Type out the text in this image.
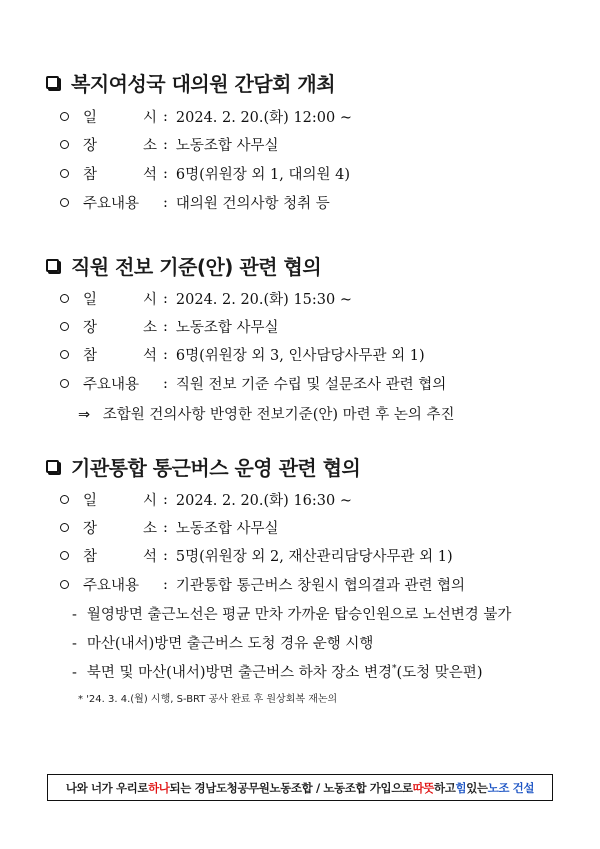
복지여성국 대의원 간담회 개최
일	시 : 2024. 2. 20.(화) 12:00 ~
장	소 : 노동조합 사무실
참	석 : 6명(위원장 외 1, 대의원 4)
주요내용	: 대의원 건의사항 청취 등
직원 전보 기준(안) 관련 협의
일	시 : 2024. 2. 20.(화) 15:30 ~
장	소 : 노동조합 사무실
참	석 : 6명(위원장 외 3, 인사담당사무관 외 1)
주요내용	: 직원 전보 기준 수립 및 설문조사 관련 협의
⇒ 조합원 건의사항 반영한 전보기준(안) 마련 후 논의 추진
기관통합 통근버스 운영 관련 협의
일	시 : 2024. 2. 20.(화) 16:30 ~
장	소 : 노동조합 사무실
참	석 : 5명(위원장 외 2, 재산관리담당사무관 외 1)
주요내용	: 기관통합 통근버스 창원시 협의결과 관련 협의
- 월영방면 출근노선은 평균 만차 가까운 탑승인원으로 노선변경 불가
- 마산(내서)방면 출근버스 도청 경유 운행 시행
- 북면 및 마산(내서)방면 출근버스 하차 장소 변경*(도청 맞은편)
* '24. 3. 4.(월) 시행, S-BRT 공사 완료 후 원상회복 재논의
나와 너가 우리로 하나 되는 경남도청공무원노동조합 / 노동조합 가입으로 따뜻 하고 힘 있는 노조 건설
